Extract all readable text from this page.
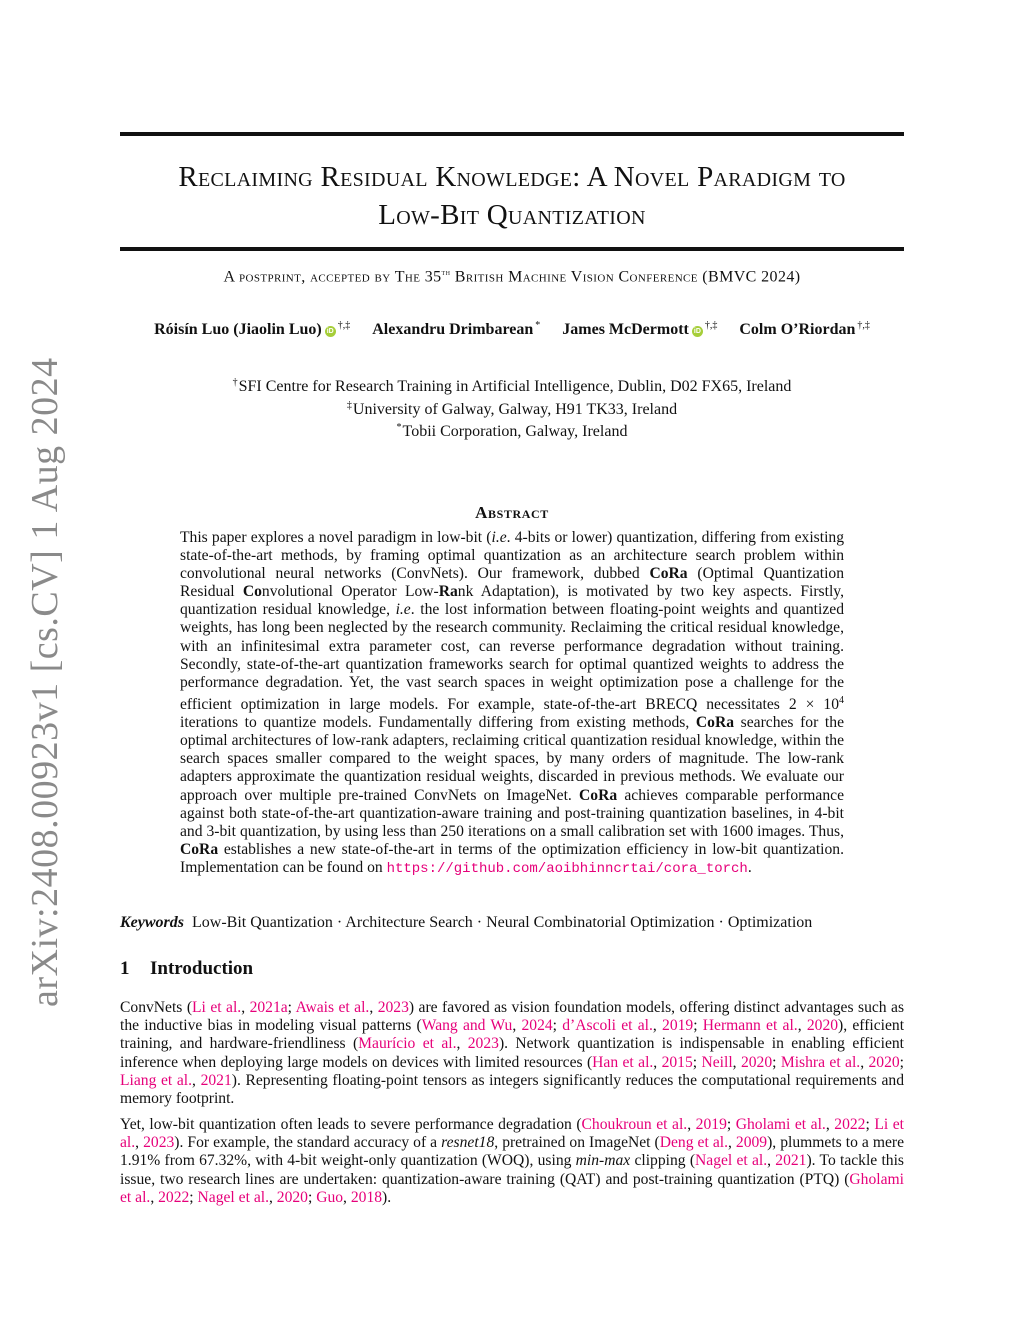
arXiv:2408.00923v1 [cs.CV] 1 Aug 2024
Reclaiming Residual Knowledge: A Novel Paradigm to
Low-Bit Quantization
A postprint, accepted by The 35th British Machine Vision Conference (BMVC 2024)
Róisín Luo (Jiaolin Luo) iD†,‡ Alexandru Drimbarean * James McDermott iD†,‡ Colm O’Riordan †,‡
†SFI Centre for Research Training in Artificial Intelligence, Dublin, D02 FX65, Ireland
‡University of Galway, Galway, H91 TK33, Ireland
*Tobii Corporation, Galway, Ireland
Abstract

This paper explores a novel paradigm in low-bit (i.e. 4-bits or lower) quantization, differing from existing state-of-the-art methods, by framing optimal quantization as an architecture search problem within convolutional neural networks (ConvNets). Our framework, dubbed CoRa (Optimal Quantization Residual Convolutional Operator Low-Rank Adaptation), is motivated by two key aspects. Firstly, quantization residual knowledge, i.e. the lost information between floating-point weights and quantized weights, has long been neglected by the research community. Reclaiming the critical residual knowledge, with an infinitesimal extra parameter cost, can reverse performance degradation without training. Secondly, state-of-the-art quantization frameworks search for optimal quantized weights to address the performance degradation. Yet, the vast search spaces in weight optimization pose a challenge for the efficient optimization in large models. For example, state-of-the-art BRECQ necessitates $2 \times 10^4$ iterations to quantize models. Fundamentally differing from existing methods, CoRa searches for the optimal architectures of low-rank adapters, reclaiming critical quantization residual knowledge, within the search spaces smaller compared to the weight spaces, by many orders of magnitude. The low-rank adapters approximate the quantization residual weights, discarded in previous methods. We evaluate our approach over multiple pre-trained ConvNets on ImageNet. CoRa achieves comparable performance against both state-of-the-art quantization-aware training and post-training quantization baselines, in 4-bit and 3-bit quantization, by using less than 250 iterations on a small calibration set with 1600 images. Thus, CoRa establishes a new state-of-the-art in terms of the optimization efficiency in low-bit quantization. Implementation can be found on https://github.com/aoibhinncrtai/cora_torch.

Keywords Low-Bit Quantization · Architecture Search · Neural Combinatorial Optimization · Optimization
1 Introduction
ConvNets (Li et al., 2021a; Awais et al., 2023) are favored as vision foundation models, offering distinct advantages such as the inductive bias in modeling visual patterns (Wang and Wu, 2024; d’Ascoli et al., 2019; Hermann et al., 2020), efficient training, and hardware-friendliness (Maurício et al., 2023). Network quantization is indispensable in enabling efficient inference when deploying large models on devices with limited resources (Han et al., 2015; Neill, 2020; Mishra et al., 2020; Liang et al., 2021). Representing floating-point tensors as integers significantly reduces the computational requirements and memory footprint.
Yet, low-bit quantization often leads to severe performance degradation (Choukroun et al., 2019; Gholami et al., 2022; Li et al., 2023). For example, the standard accuracy of a resnet18, pretrained on ImageNet (Deng et al., 2009), plummets to a mere 1.91% from 67.32%, with 4-bit weight-only quantization (WOQ), using min-max clipping (Nagel et al., 2021). To tackle this issue, two research lines are undertaken: quantization-aware training (QAT) and post-training quantization (PTQ) (Gholami et al., 2022; Nagel et al., 2020; Guo, 2018).
